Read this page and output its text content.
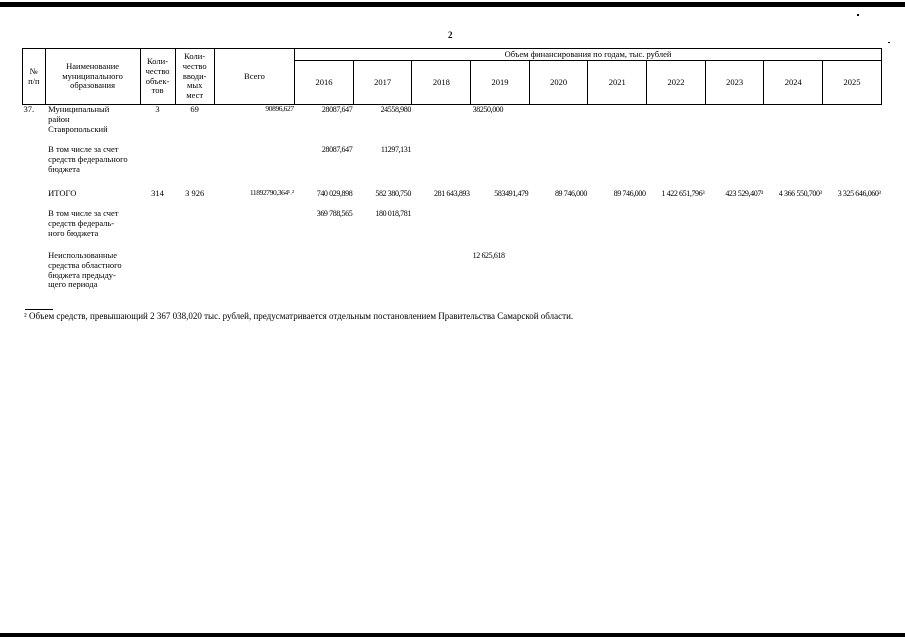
2
№
п/п	Наименование
муниципального
образования	Коли-
чество
объек-
тов	Коли-
чество
вводи-
мых
мест	Всего	Объем финансирования по годам, тыс. рублей									
					2016	2017	2018	2019	2020	2021	2022	2023	2024	2025
37.	Муниципальный
район
Ставропольский	3	69	90896,627	28087,647	24558,980		38250,000						
	В том числе за счет
средств федерального
бюджета				28087,647	11297,131								
	ИТОГО	314	3 926	11892790,364¹˒²	740 029,898	582 380,750	281 643,893	583491,479	89 746,000	89 746,000	1 422 651,796³	423 529,407³	4 366 550,700³	3 325 646,060³
	В том числе за счет
средств федераль-
ного бюджета				369 788,565	180 018,781								
	Неиспользованные
средства областного
бюджета предыду-
щего периода							12 625,618						
² Объем средств, превышающий 2 367 038,020 тыс. рублей, предусматривается отдельным постановлением Правительства Самарской области.
